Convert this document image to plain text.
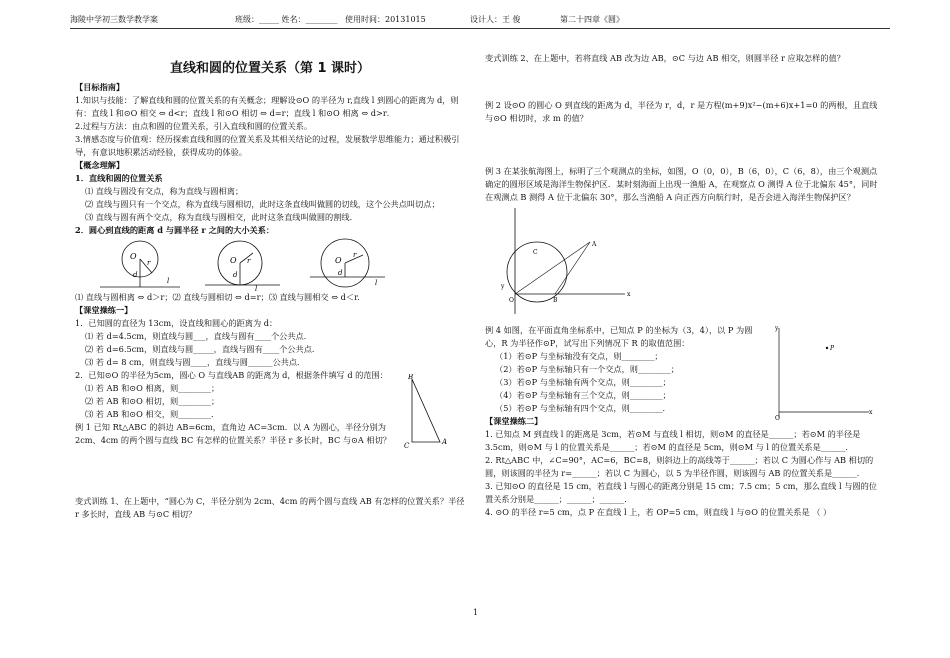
海陵中学初三数学教学案	班级：_____ 姓名：________ 使用时间：20131015	设计人：王 俊	第二十四章《圆》
直线和圆的位置关系（第 1 课时）

【目标指南】

1.知识与技能：了解直线和圆的位置关系的有关概念；理解设⊙O 的半径为 r,直线 l 到圆心的距离为 d，则有：直线 l 和⊙O 相交 ⇔ d<r；直线 l 和⊙O 相切 ⇔ d=r；直线 l 和⊙O 相离 ⇔ d>r．

2.过程与方法：由点和圆的位置关系，引入直线和圆的位置关系。

3.情感态度与价值观：经历探索直线和圆的位置关系及其相关结论的过程，发展数学思维能力；通过积极引导，有意识地积累活动经验，获得成功的体验。

【概念理解】

1．直线和圆的位置关系

⑴ 直线与圆没有交点，称为直线与圆相离；

⑵ 直线与圆只有一个交点，称为直线与圆相切，此时这条直线叫做圆的切线，这个公共点叫切点；

⑶ 直线与圆有两个交点，称为直线与圆相交，此时这条直线叫做圆的割线．

2．圆心到直线的距离 d 与圆半径 r 之间的大小关系：

O
r
d
l
O
d
r
l
O
d
r
l

⑴ 直线与圆相离 ⇔ d＞r；⑵ 直线与圆相切 ⇔ d=r；⑶ 直线与圆相交 ⇔ d＜r.

【课堂操练一】

1．已知圆的直径为 13cm，设直线和圆心的距离为 d：

⑴ 若 d=4.5cm，则直线与圆___，直线与圆有____个公共点．

⑵ 若 d=6.5cm，则直线与圆_____，直线与圆有____个公共点．

⑶ 若 d= 8 cm，则直线与圆____，直线与圆______公共点．

2．已知⊙O 的半径为5cm，圆心 O 与直线AB 的距离为 d，根据条件填写 d 的范围：

⑴ 若 AB 和⊙O 相离，则________；

⑵ 若 AB 和⊙O 相切，则________；

⑶ 若 AB 和⊙O 相交，则________．

B
C	A

例 1 已知 Rt△ABC 的斜边 AB=6cm，直角边 AC=3cm．以 A 为圆心，半径分别为 2cm、4cm 的两个圆与直线 BC 有怎样的位置关系？半径 r 多长时，BC 与⊙A 相切？

变式训练 1、在上题中，“圆心为 C，半径分别为 2cm、4cm 的两个圆与直线 AB 有怎样的位置关系？半径 r 多长时，直线 AB 与⊙C 相切？

变式训练 2、在上题中，若将直线 AB 改为边 AB，⊙C 与边 AB 相交，则圆半径 r 应取怎样的值？

例 2 设⊙O 的圆心 O 到直线的距离为 d，半径为 r，d，r 是方程(m+9)x²−(m+6)x+1=0 的两根，且直线与⊙O 相切时，求 m 的值？

例 3 在某张航海图上，标明了三个观测点的坐标，如图，O（0，0），B（6，0），C（6，8），由三个观测点确定的圆形区域是海洋生物保护区．某时刻海面上出现一渔船 A，在观察点 O 测得 A 位于北偏东 45°，同时在观测点 B 测得 A 位于北偏东 30°，那么当渔船 A 向正西方向航行时，是否会进入海洋生物保护区？

O	B
C
A
x
y

例 4 如图，在平面直角坐标系中，已知点 P 的坐标为（3，4），以 P 为圆心，R 为半径作⊙P，试写出下列情况下 R 的取值范围：

（1）若⊙P 与坐标轴没有交点，则________；

（2）若⊙P 与坐标轴只有一个交点，则________；

（3）若⊙P 与坐标轴有两个交点，则________；

（4）若⊙P 与坐标轴有三个交点，则________；

（5）若⊙P 与坐标轴有四个交点，则________．

y
x
O
P

【课堂操练二】

1. 已知点 M 到直线 l 的距离是 3cm，若⊙M 与直线 l 相切，则⊙M 的直径是______；若⊙M 的半径是 3.5cm，则⊙M 与 l 的位置关系是______；若⊙M 的直径是 5cm，则⊙M 与 l 的位置关系是______．

2. Rt△ABC 中，∠C=90°，AC=6，BC=8，则斜边上的高线等于______；若以 C 为圆心作与 AB 相切的圆，则该圆的半径为 r=______；若以 C 为圆心，以 5 为半径作圆，则该圆与 AB 的位置关系是______．

3. 已知⊙O 的直径是 15 cm，若直线 l 与圆心的距离分别是 15 cm；7.5 cm；5 cm，那么直线 l 与圆的位置关系分别是______；______；______．

4. ⊙O 的半径 r=5 cm，点 P 在直线 l 上，若 OP=5 cm，则直线 l 与⊙O 的位置关系是 （ ）

1
